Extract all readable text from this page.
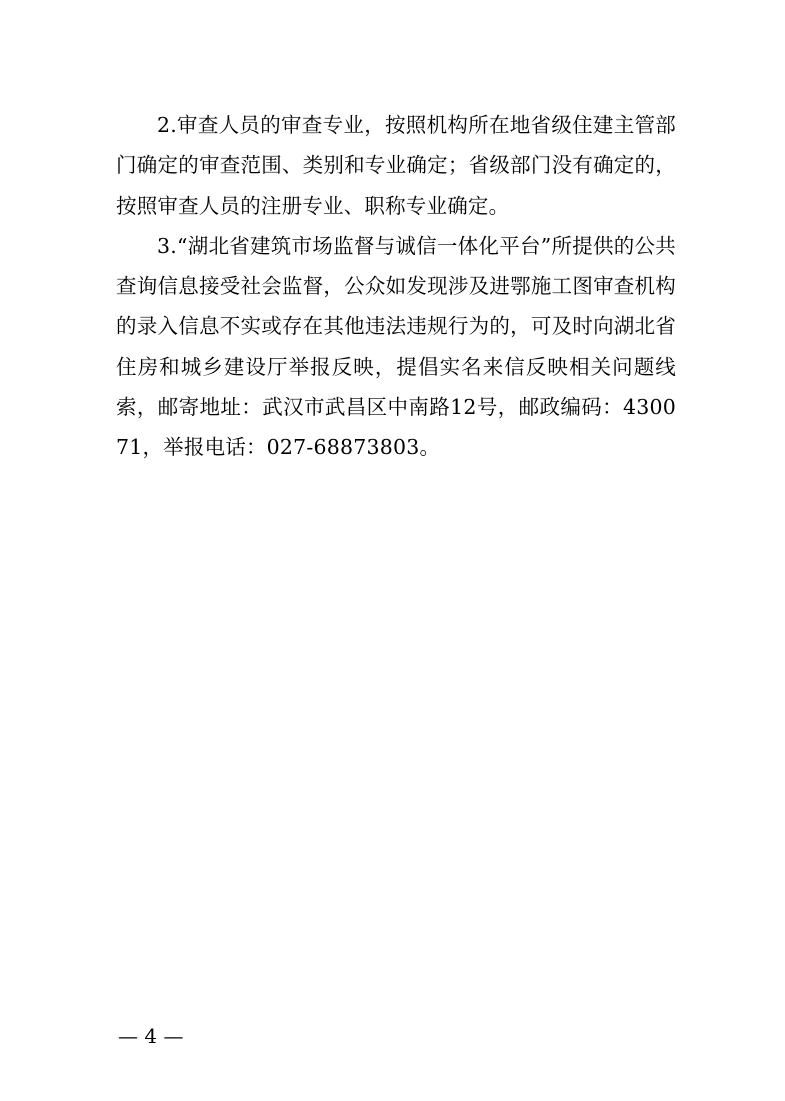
2.审查人员的审查专业，按照机构所在地省级住建主管部门确定的审查范围、类别和专业确定；省级部门没有确定的，按照审查人员的注册专业、职称专业确定。

3.“湖北省建筑市场监督与诚信一体化平台”所提供的公共查询信息接受社会监督，公众如发现涉及进鄂施工图审查机构的录入信息不实或存在其他违法违规行为的，可及时向湖北省住房和城乡建设厅举报反映，提倡实名来信反映相关问题线索，邮寄地址：武汉市武昌区中南路12号，邮政编码：430071，举报电话：027-68873803。

— 4 —
